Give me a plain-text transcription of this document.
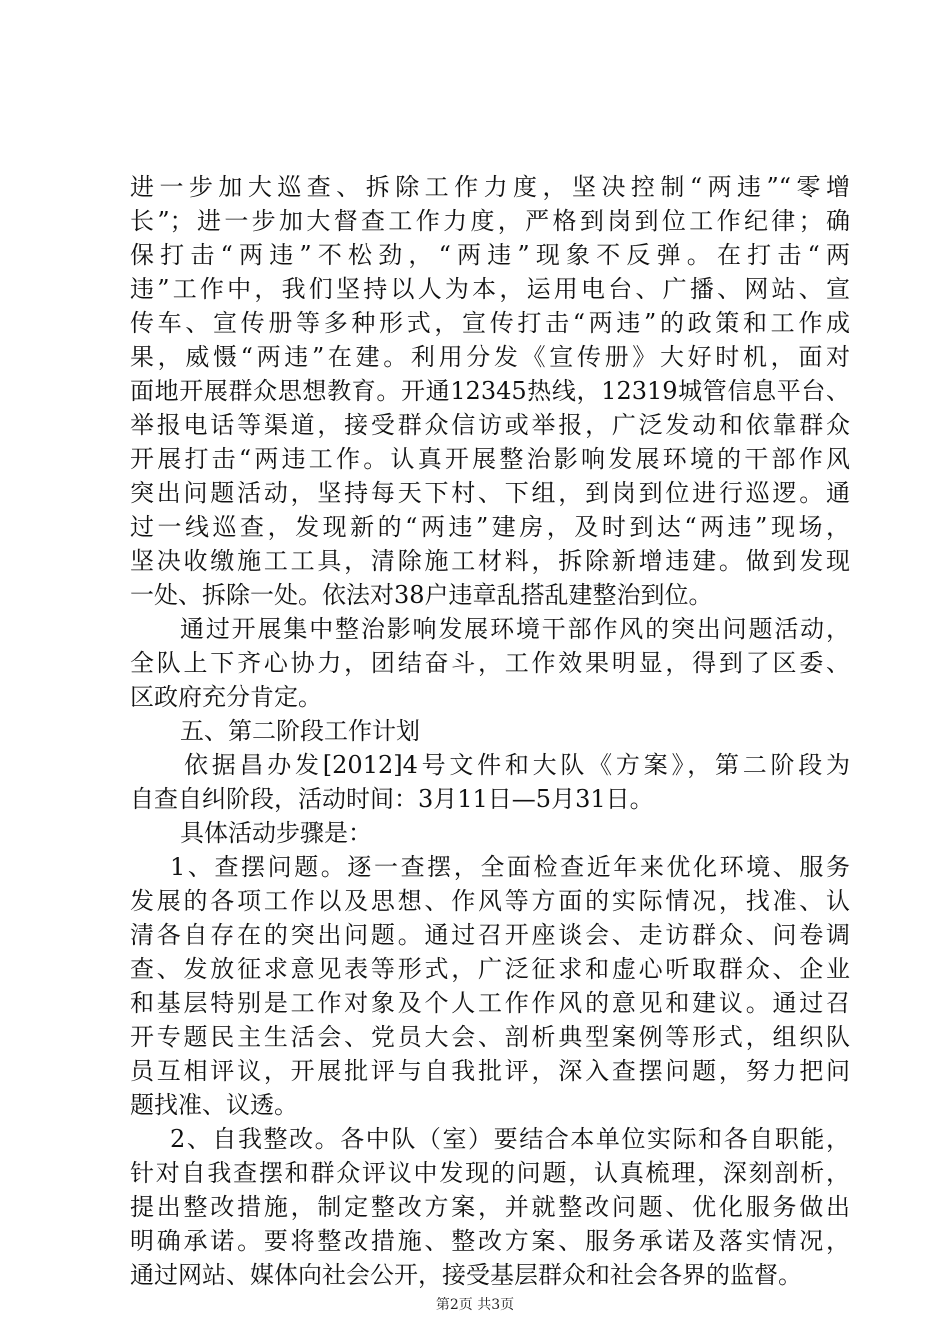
进一步加大巡查、拆除工作力度，坚决控制“两违”“零增
长”；进一步加大督查工作力度，严格到岗到位工作纪律；确
保打击“两违”不松劲，“两违”现象不反弹。在打击“两
违”工作中，我们坚持以人为本，运用电台、广播、网站、宣
传车、宣传册等多种形式，宣传打击“两违”的政策和工作成
果，威慑“两违”在建。利用分发《宣传册》大好时机，面对
面地开展群众思想教育。开通12345热线，12319城管信息平台、
举报电话等渠道，接受群众信访或举报，广泛发动和依靠群众
开展打击“两违工作。认真开展整治影响发展环境的干部作风
突出问题活动，坚持每天下村、下组，到岗到位进行巡逻。通
过一线巡查，发现新的“两违”建房，及时到达“两违”现场，
坚决收缴施工工具，清除施工材料，拆除新增违建。做到发现
一处、拆除一处。依法对38户违章乱搭乱建整治到位。
通过开展集中整治影响发展环境干部作风的突出问题活动，
全队上下齐心协力，团结奋斗，工作效果明显，得到了区委、
区政府充分肯定。
五、第二阶段工作计划
依据昌办发[2012]4号文件和大队《方案》，第二阶段为
自查自纠阶段，活动时间：3月11日—5月31日。
具体活动步骤是：
1、查摆问题。逐一查摆，全面检查近年来优化环境、服务
发展的各项工作以及思想、作风等方面的实际情况，找准、认
清各自存在的突出问题。通过召开座谈会、走访群众、问卷调
查、发放征求意见表等形式，广泛征求和虚心听取群众、企业
和基层特别是工作对象及个人工作作风的意见和建议。通过召
开专题民主生活会、党员大会、剖析典型案例等形式，组织队
员互相评议，开展批评与自我批评，深入查摆问题，努力把问
题找准、议透。
2、自我整改。各中队（室）要结合本单位实际和各自职能，
针对自我查摆和群众评议中发现的问题，认真梳理，深刻剖析，
提出整改措施，制定整改方案，并就整改问题、优化服务做出
明确承诺。要将整改措施、整改方案、服务承诺及落实情况，
通过网站、媒体向社会公开，接受基层群众和社会各界的监督。
第2页 共3页
